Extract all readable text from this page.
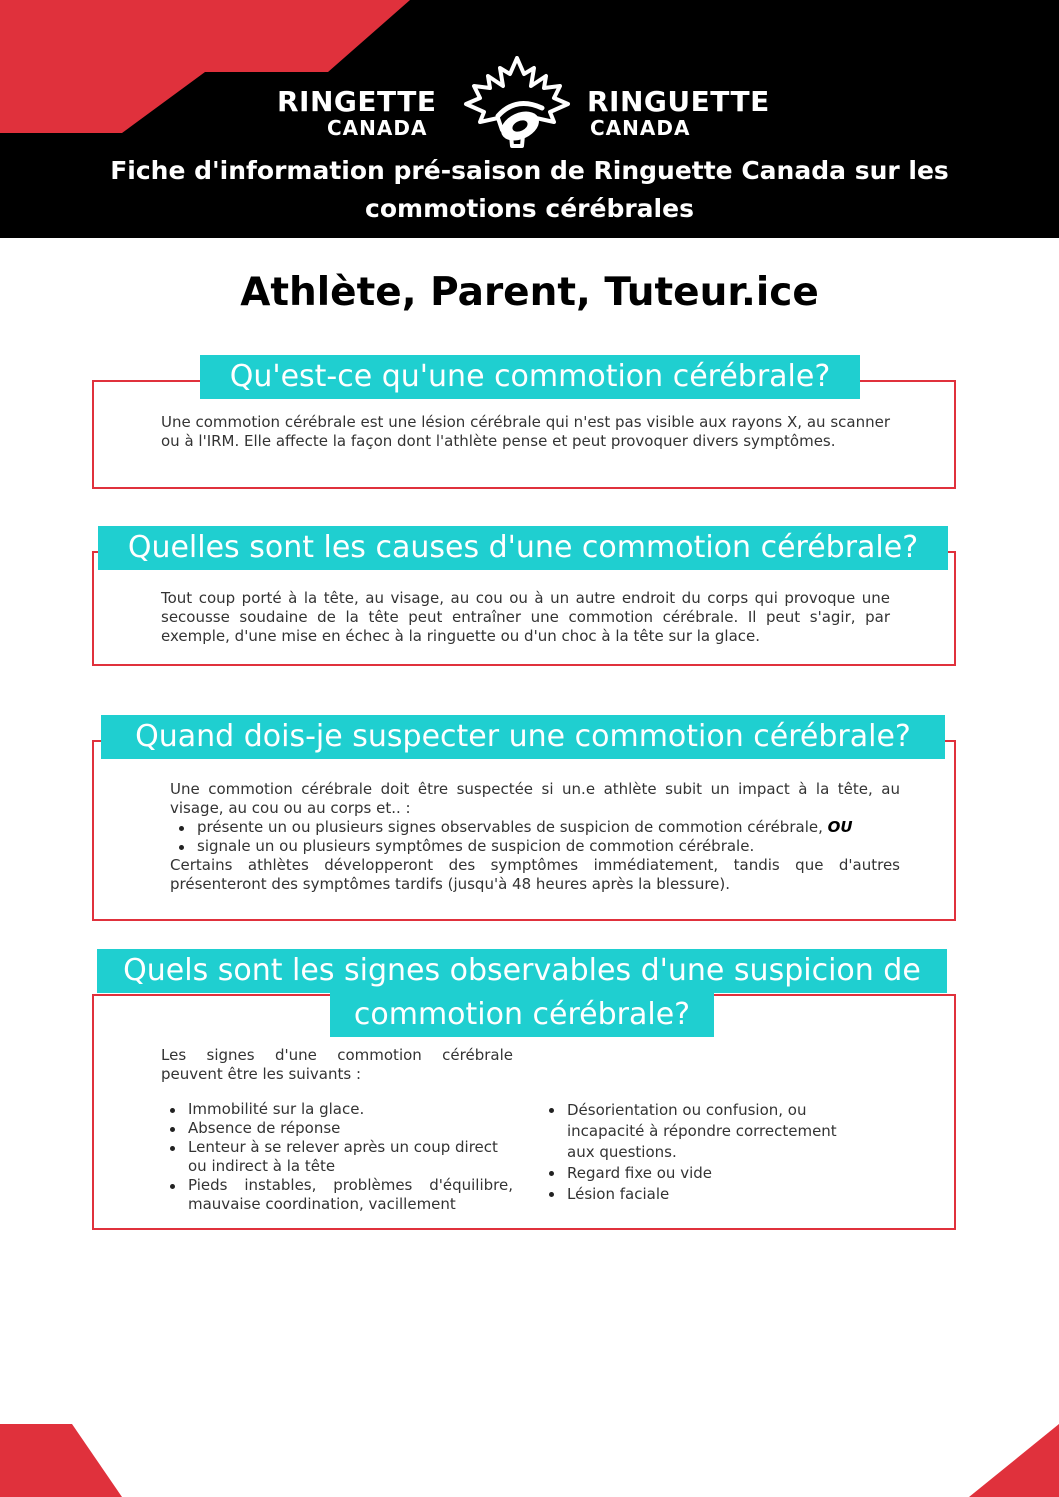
RINGETTE
CANADA
RINGUETTE
CANADA
Fiche d'information pré-saison de Ringuette Canada sur les
commotions cérébrales
Athlète, Parent, Tuteur.ice
Qu'est-ce qu'une commotion cérébrale?
Une commotion cérébrale est une lésion cérébrale qui n'est pas visible aux rayons X, au scanner ou à l'IRM. Elle affecte la façon dont l'athlète pense et peut provoquer divers symptômes.
Quelles sont les causes d'une commotion cérébrale?
Tout coup porté à la tête, au visage, au cou ou à un autre endroit du corps qui provoque une secousse soudaine de la tête peut entraîner une commotion cérébrale. Il peut s'agir, par exemple, d'une mise en échec à la ringuette ou d'un choc à la tête sur la glace.
Quand dois-je suspecter une commotion cérébrale?
Une commotion cérébrale doit être suspectée si un.e athlète subit un impact à la tête, au visage, au cou ou au corps et.. :
présente un ou plusieurs signes observables de suspicion de commotion cérébrale, OU
signale un ou plusieurs symptômes de suspicion de commotion cérébrale.
Certains athlètes développeront des symptômes immédiatement, tandis que d'autres présenteront des symptômes tardifs (jusqu'à 48 heures après la blessure).
Quels sont les signes observables d'une suspicion de
commotion cérébrale?
Les signes d'une commotion cérébrale peuvent être les suivants :
Immobilité sur la glace.
Absence de réponse
Lenteur à se relever après un coup direct ou indirect à la tête
Pieds instables, problèmes d'équilibre, mauvaise coordination, vacillement
Désorientation ou confusion, ou incapacité à répondre correctement aux questions.
Regard fixe ou vide
Lésion faciale
